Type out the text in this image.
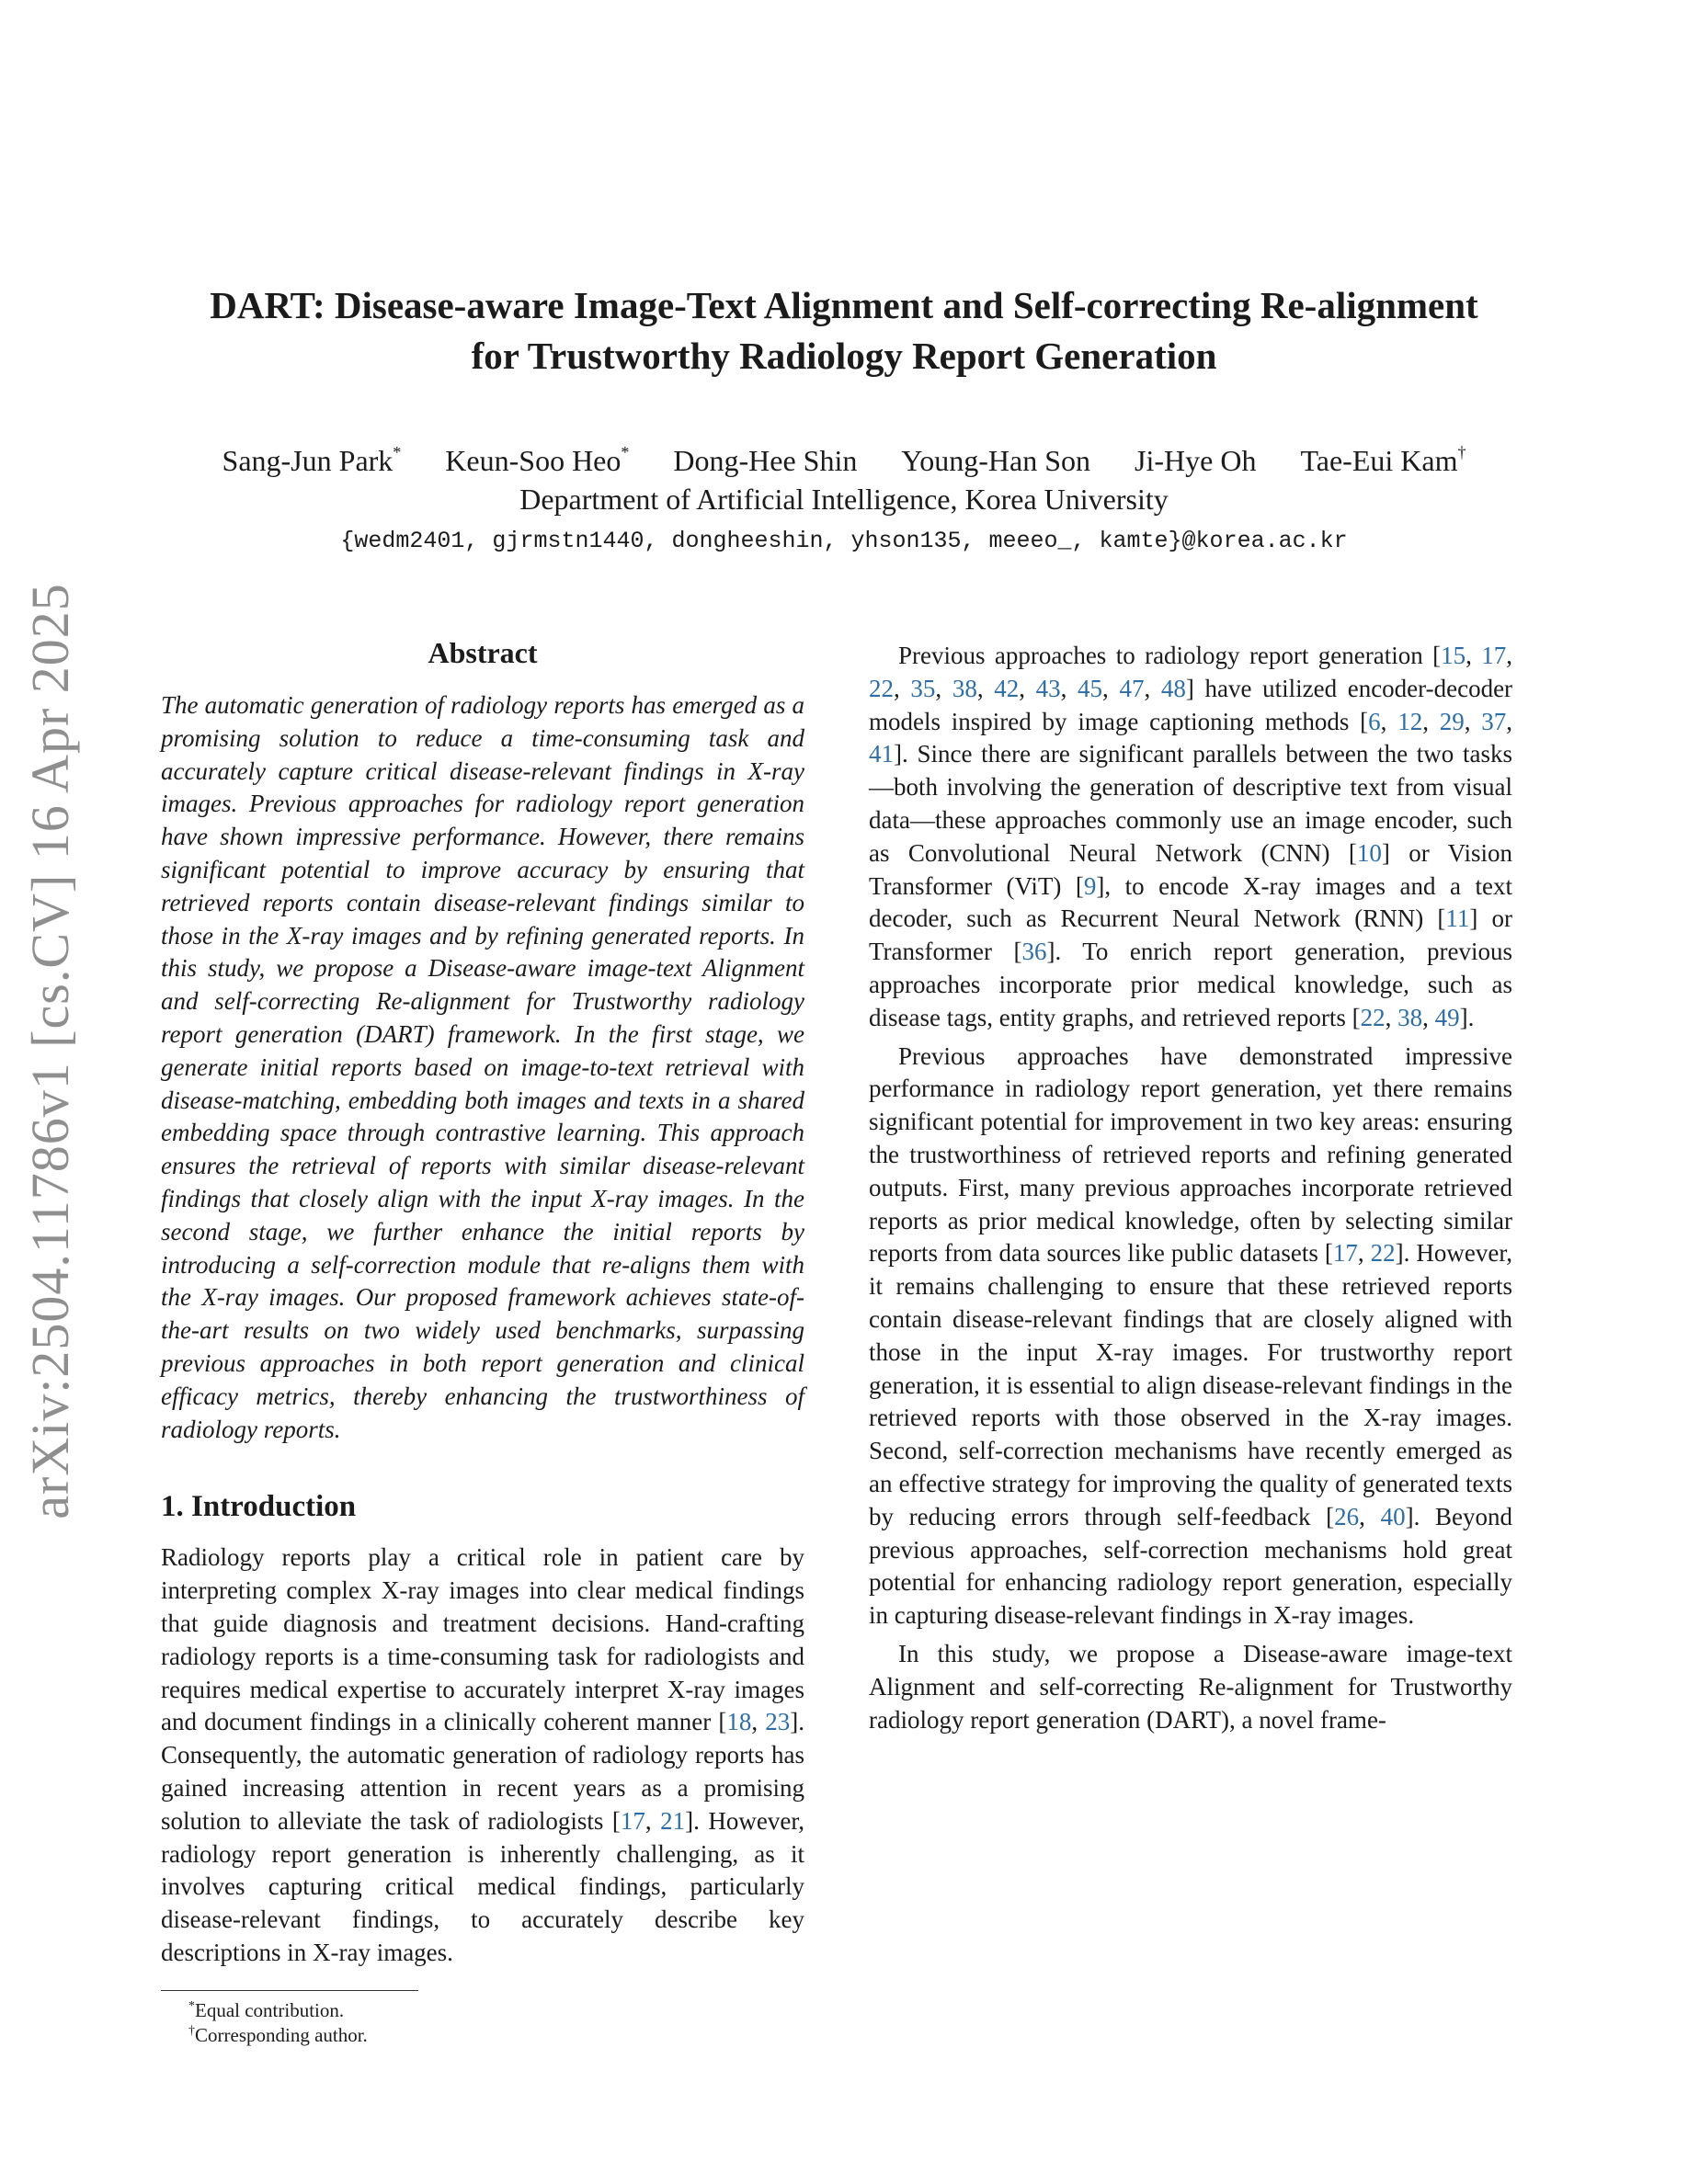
arXiv:2504.11786v1 [cs.CV] 16 Apr 2025
DART: Disease-aware Image-Text Alignment and Self-correcting Re-alignment
for Trustworthy Radiology Report Generation
Sang-Jun Park* Keun-Soo Heo* Dong-Hee Shin Young-Han Son Ji-Hye Oh Tae-Eui Kam†
Department of Artificial Intelligence, Korea University
{wedm2401, gjrmstn1440, dongheeshin, yhson135, meeeo_, kamte}@korea.ac.kr
Abstract

The automatic generation of radiology reports has emerged as a promising solution to reduce a time-consuming task and accurately capture critical disease-relevant findings in X-ray images. Previous approaches for radiology report generation have shown impressive performance. However, there remains significant potential to improve accuracy by ensuring that retrieved reports contain disease-relevant findings similar to those in the X-ray images and by refining generated reports. In this study, we propose a Disease-aware image-text Alignment and self-correcting Re-alignment for Trustworthy radiology report generation (DART) framework. In the first stage, we generate initial reports based on image-to-text retrieval with disease-matching, embedding both images and texts in a shared embedding space through contrastive learning. This approach ensures the retrieval of reports with similar disease-relevant findings that closely align with the input X-ray images. In the second stage, we further enhance the initial reports by introducing a self-correction module that re-aligns them with the X-ray images. Our proposed framework achieves state-of-the-art results on two widely used benchmarks, surpassing previous approaches in both report generation and clinical efficacy metrics, thereby enhancing the trustworthiness of radiology reports.

1. Introduction

Radiology reports play a critical role in patient care by interpreting complex X-ray images into clear medical findings that guide diagnosis and treatment decisions. Hand-crafting radiology reports is a time-consuming task for radiologists and requires medical expertise to accurately interpret X-ray images and document findings in a clinically coherent manner [18, 23]. Consequently, the automatic generation of radiology reports has gained increasing attention in recent years as a promising solution to alleviate the task of radiologists [17, 21]. However, radiology report generation is inherently challenging, as it involves capturing critical medical findings, particularly disease-relevant findings, to accurately describe key descriptions in X-ray images.

*Equal contribution.
†Corresponding author.

Previous approaches to radiology report generation [15, 17, 22, 35, 38, 42, 43, 45, 47, 48] have utilized encoder-decoder models inspired by image captioning methods [6, 12, 29, 37, 41]. Since there are significant parallels between the two tasks—both involving the generation of descriptive text from visual data—these approaches commonly use an image encoder, such as Convolutional Neural Network (CNN) [10] or Vision Transformer (ViT) [9], to encode X-ray images and a text decoder, such as Recurrent Neural Network (RNN) [11] or Transformer [36]. To enrich report generation, previous approaches incorporate prior medical knowledge, such as disease tags, entity graphs, and retrieved reports [22, 38, 49].

Previous approaches have demonstrated impressive performance in radiology report generation, yet there remains significant potential for improvement in two key areas: ensuring the trustworthiness of retrieved reports and refining generated outputs. First, many previous approaches incorporate retrieved reports as prior medical knowledge, often by selecting similar reports from data sources like public datasets [17, 22]. However, it remains challenging to ensure that these retrieved reports contain disease-relevant findings that are closely aligned with those in the input X-ray images. For trustworthy report generation, it is essential to align disease-relevant findings in the retrieved reports with those observed in the X-ray images. Second, self-correction mechanisms have recently emerged as an effective strategy for improving the quality of generated texts by reducing errors through self-feedback [26, 40]. Beyond previous approaches, self-correction mechanisms hold great potential for enhancing radiology report generation, especially in capturing disease-relevant findings in X-ray images.

In this study, we propose a Disease-aware image-text Alignment and self-correcting Re-alignment for Trustworthy radiology report generation (DART), a novel frame-
